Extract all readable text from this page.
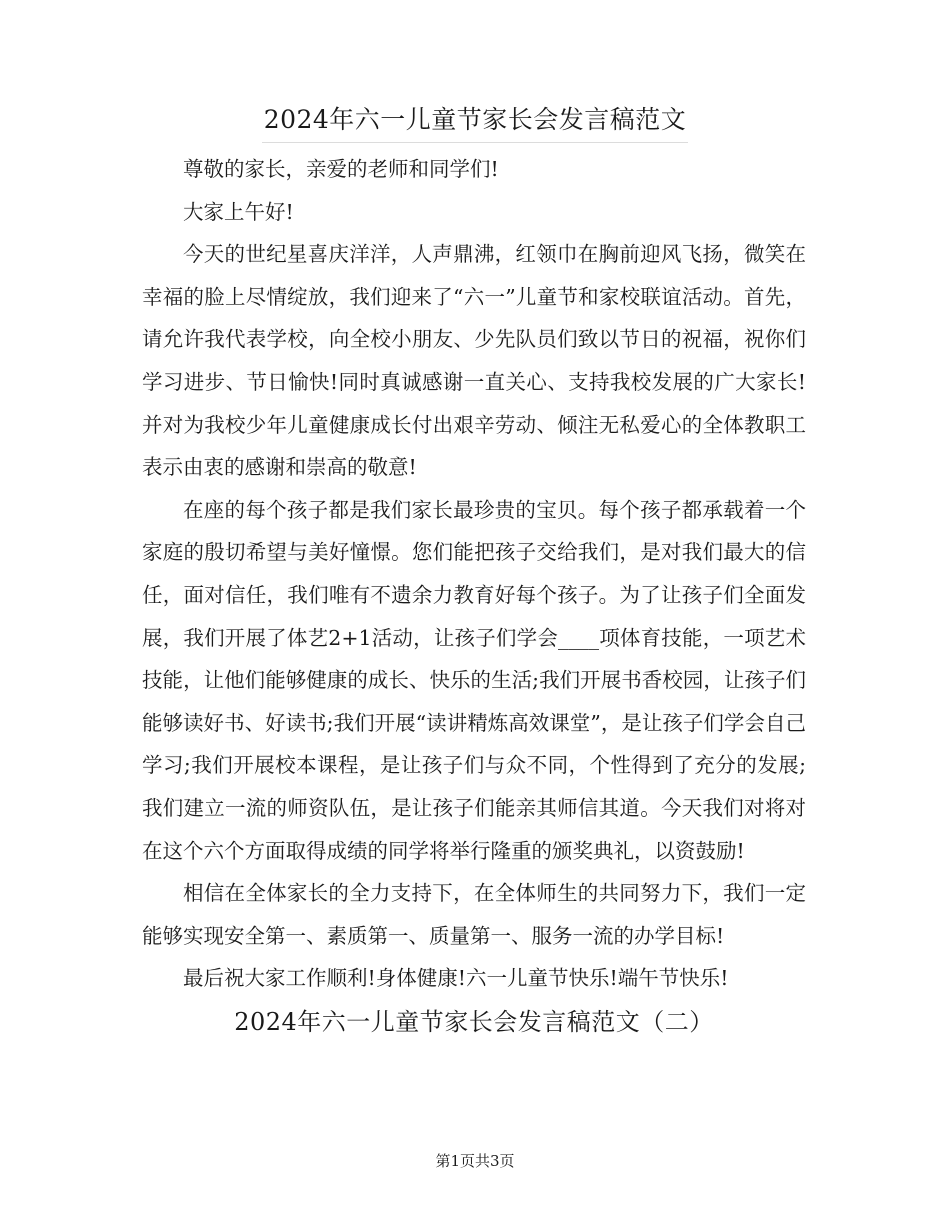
2024年六一儿童节家长会发言稿范文

尊敬的家长，亲爱的老师和同学们!

大家上午好!

今天的世纪星喜庆洋洋，人声鼎沸，红领巾在胸前迎风飞扬，微笑在幸福的脸上尽情绽放，我们迎来了“六一”儿童节和家校联谊活动。首先，请允许我代表学校，向全校小朋友、少先队员们致以节日的祝福，祝你们学习进步、节日愉快!同时真诚感谢一直关心、支持我校发展的广大家长!并对为我校少年儿童健康成长付出艰辛劳动、倾注无私爱心的全体教职工表示由衷的感谢和崇高的敬意!

在座的每个孩子都是我们家长最珍贵的宝贝。每个孩子都承载着一个家庭的殷切希望与美好憧憬。您们能把孩子交给我们，是对我们最大的信任，面对信任，我们唯有不遗余力教育好每个孩子。为了让孩子们全面发展，我们开展了体艺2+1活动，让孩子们学会____项体育技能，一项艺术技能，让他们能够健康的成长、快乐的生活;我们开展书香校园，让孩子们能够读好书、好读书;我们开展“读讲精炼高效课堂”，是让孩子们学会自己学习;我们开展校本课程，是让孩子们与众不同，个性得到了充分的发展;我们建立一流的师资队伍，是让孩子们能亲其师信其道。今天我们对将对在这个六个方面取得成绩的同学将举行隆重的颁奖典礼，以资鼓励!

相信在全体家长的全力支持下，在全体师生的共同努力下，我们一定能够实现安全第一、素质第一、质量第一、服务一流的办学目标!

最后祝大家工作顺利!身体健康!六一儿童节快乐!端午节快乐!

2024年六一儿童节家长会发言稿范文（二）

第1页共3页
